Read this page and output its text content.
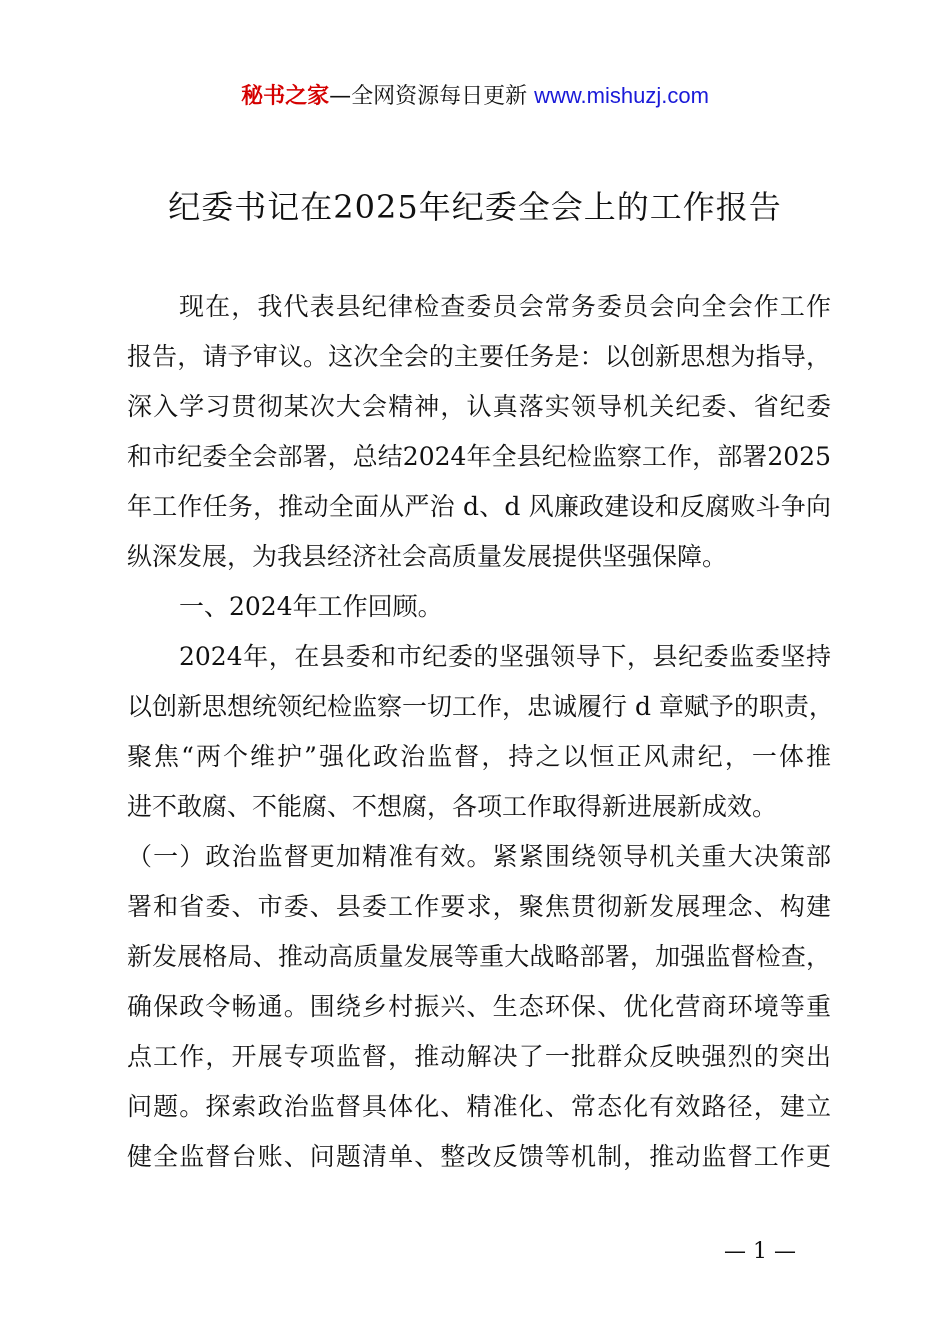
秘书之家—全网资源每日更新 www.mishuzj.com
纪委书记在2025年纪委全会上的工作报告
现在，我代表县纪律检查委员会常务委员会向全会作工作
报告，请予审议。这次全会的主要任务是：以创新思想为指导，
深入学习贯彻某次大会精神，认真落实领导机关纪委、省纪委
和市纪委全会部署，总结2024年全县纪检监察工作，部署2025
年工作任务，推动全面从严治 d、d 风廉政建设和反腐败斗争向
纵深发展，为我县经济社会高质量发展提供坚强保障。
一、2024年工作回顾。
2024年，在县委和市纪委的坚强领导下，县纪委监委坚持
以创新思想统领纪检监察一切工作，忠诚履行 d 章赋予的职责，
聚焦“两个维护”强化政治监督，持之以恒正风肃纪，一体推
进不敢腐、不能腐、不想腐，各项工作取得新进展新成效。
（一）政治监督更加精准有效。紧紧围绕领导机关重大决策部
署和省委、市委、县委工作要求，聚焦贯彻新发展理念、构建
新发展格局、推动高质量发展等重大战略部署，加强监督检查，
确保政令畅通。围绕乡村振兴、生态环保、优化营商环境等重
点工作，开展专项监督，推动解决了一批群众反映强烈的突出
问题。探索政治监督具体化、精准化、常态化有效路径，建立
健全监督台账、问题清单、整改反馈等机制，推动监督工作更
— 1 —
